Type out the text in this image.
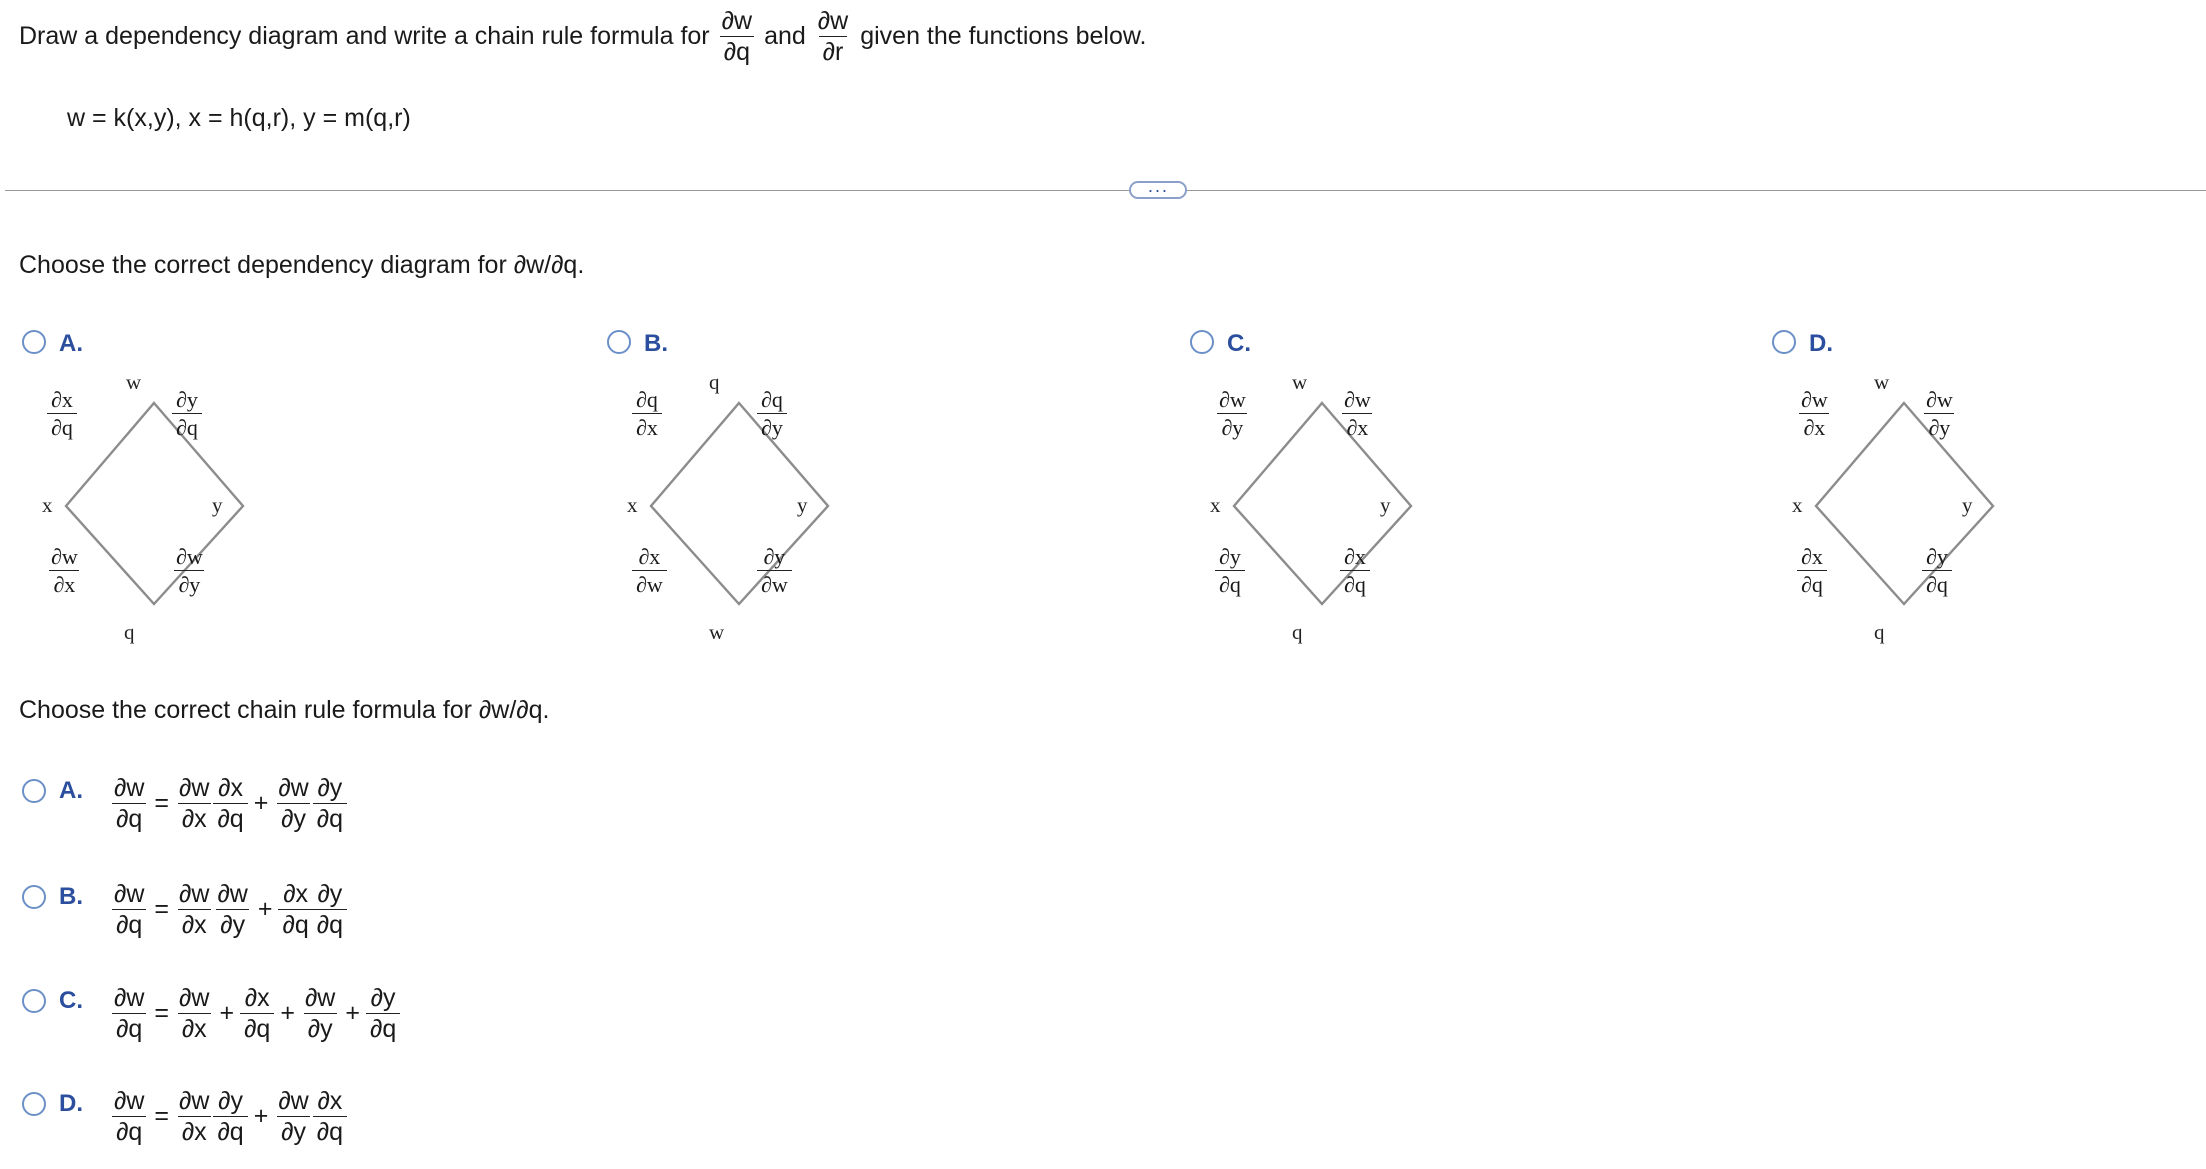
Draw a dependency diagram and write a chain rule formula for $\frac{\partial w}{\partial q}$ and $\frac{\partial w}{\partial r}$ given the functions below.
w = k(x,y), x = h(q,r), y = m(q,r)
···
Choose the correct dependency diagram for ∂w/∂q.
A.
w
x	y
q
$\frac{\partial x}{\partial q}$	$\frac{\partial y}{\partial q}$
$\frac{\partial w}{\partial x}$	$\frac{\partial w}{\partial y}$
B.
q
x	y
w
$\frac{\partial q}{\partial x}$	$\frac{\partial q}{\partial y}$
$\frac{\partial x}{\partial w}$	$\frac{\partial y}{\partial w}$
C.
w
x	y
q
$\frac{\partial w}{\partial y}$	$\frac{\partial w}{\partial x}$
$\frac{\partial y}{\partial q}$	$\frac{\partial x}{\partial q}$
D.
w
x	y
q
$\frac{\partial w}{\partial x}$	$\frac{\partial w}{\partial y}$
$\frac{\partial x}{\partial q}$	$\frac{\partial y}{\partial q}$
Choose the correct chain rule formula for ∂w/∂q.
A. $\frac{\partial w}{\partial q} = \frac{\partial w}{\partial x} \frac{\partial x}{\partial q} + \frac{\partial w}{\partial y} \frac{\partial y}{\partial q}$
B. $\frac{\partial w}{\partial q} = \frac{\partial w}{\partial x} \frac{\partial w}{\partial y} + \frac{\partial x}{\partial q} \frac{\partial y}{\partial q}$
C. $\frac{\partial w}{\partial q} = \frac{\partial w}{\partial x} + \frac{\partial x}{\partial q} + \frac{\partial w}{\partial y} + \frac{\partial y}{\partial q}$
D. $\frac{\partial w}{\partial q} = \frac{\partial w}{\partial x} \frac{\partial y}{\partial q} + \frac{\partial w}{\partial y} \frac{\partial x}{\partial q}$
